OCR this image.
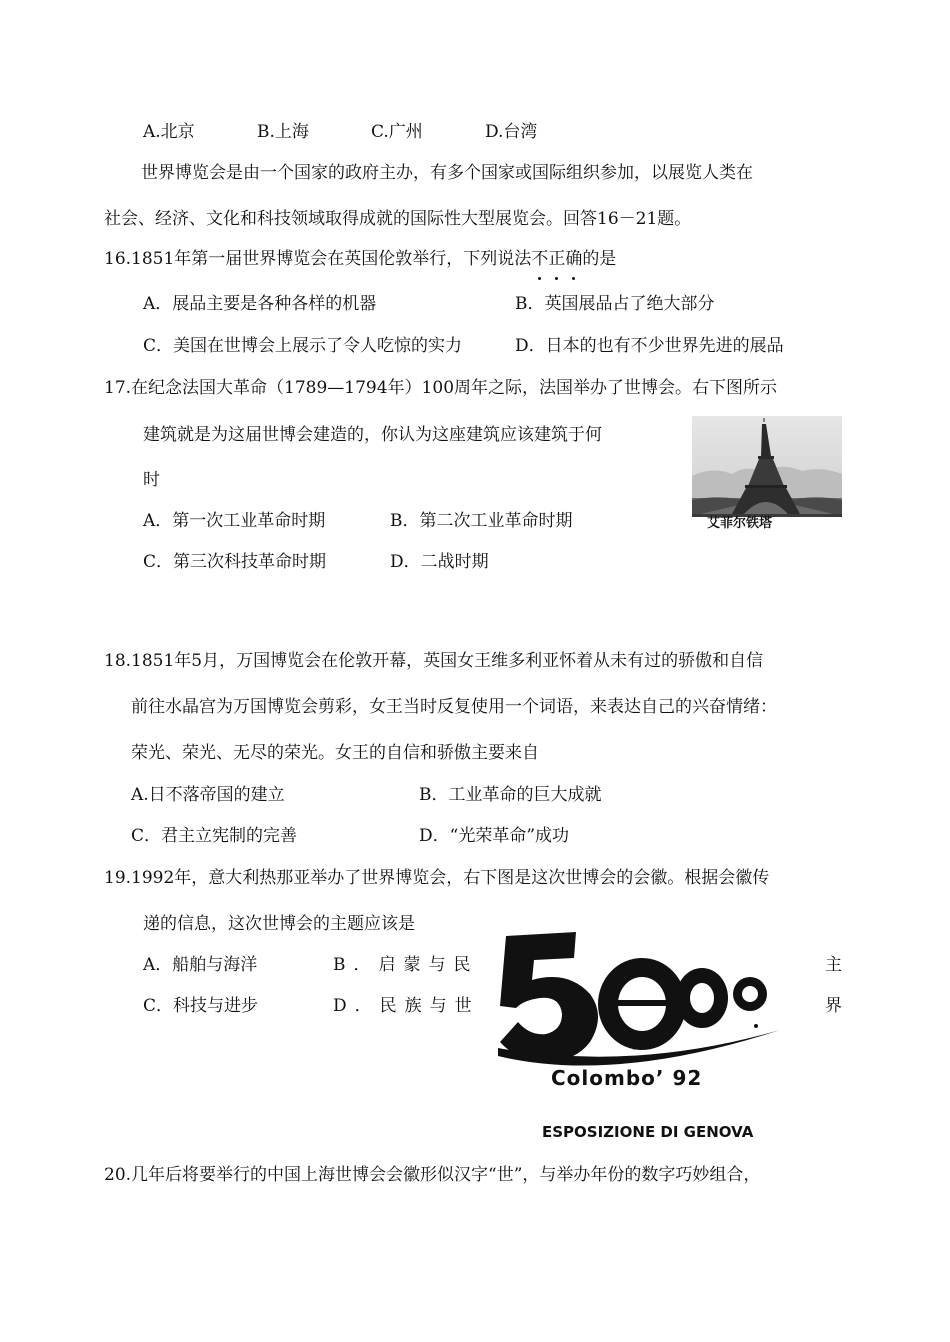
A.北京	B.上海	C.广州	D.台湾
世界博览会是由一个国家的政府主办，有多个国家或国际组织参加，以展览人类在
社会、经济、文化和科技领域取得成就的国际性大型展览会。回答16－21题。
16.1851年第一届世界博览会在英国伦敦举行，下列说法不正确的是
A．展品主要是各种各样的机器	B．英国展品占了绝大部分
C．美国在世博会上展示了令人吃惊的实力	D．日本的也有不少世界先进的展品
17.在纪念法国大革命（1789—1794年）100周年之际，法国举办了世博会。右下图所示
建筑就是为这届世博会建造的，你认为这座建筑应该建筑于何
时
A．第一次工业革命时期	B．第二次工业革命时期
C．第三次科技革命时期	D．二战时期
艾菲尔铁塔
18.1851年5月，万国博览会在伦敦开幕，英国女王维多利亚怀着从未有过的骄傲和自信
前往水晶宫为万国博览会剪彩，女王当时反复使用一个词语，来表达自己的兴奋情绪：
荣光、荣光、无尽的荣光。女王的自信和骄傲主要来自
A.日不落帝国的建立	B．工业革命的巨大成就
C．君主立宪制的完善	D．“光荣革命”成功
19.1992年，意大利热那亚举办了世界博览会，右下图是这次世博会的会徽。根据会徽传
递的信息，这次世博会的主题应该是
A．船舶与海洋	B．启蒙与民	主
C．科技与进步	D．民族与世	界
Colombo’ 92
ESPOSIZIONE DI GENOVA
20.几年后将要举行的中国上海世博会会徽形似汉字“世”，与举办年份的数字巧妙组合，
